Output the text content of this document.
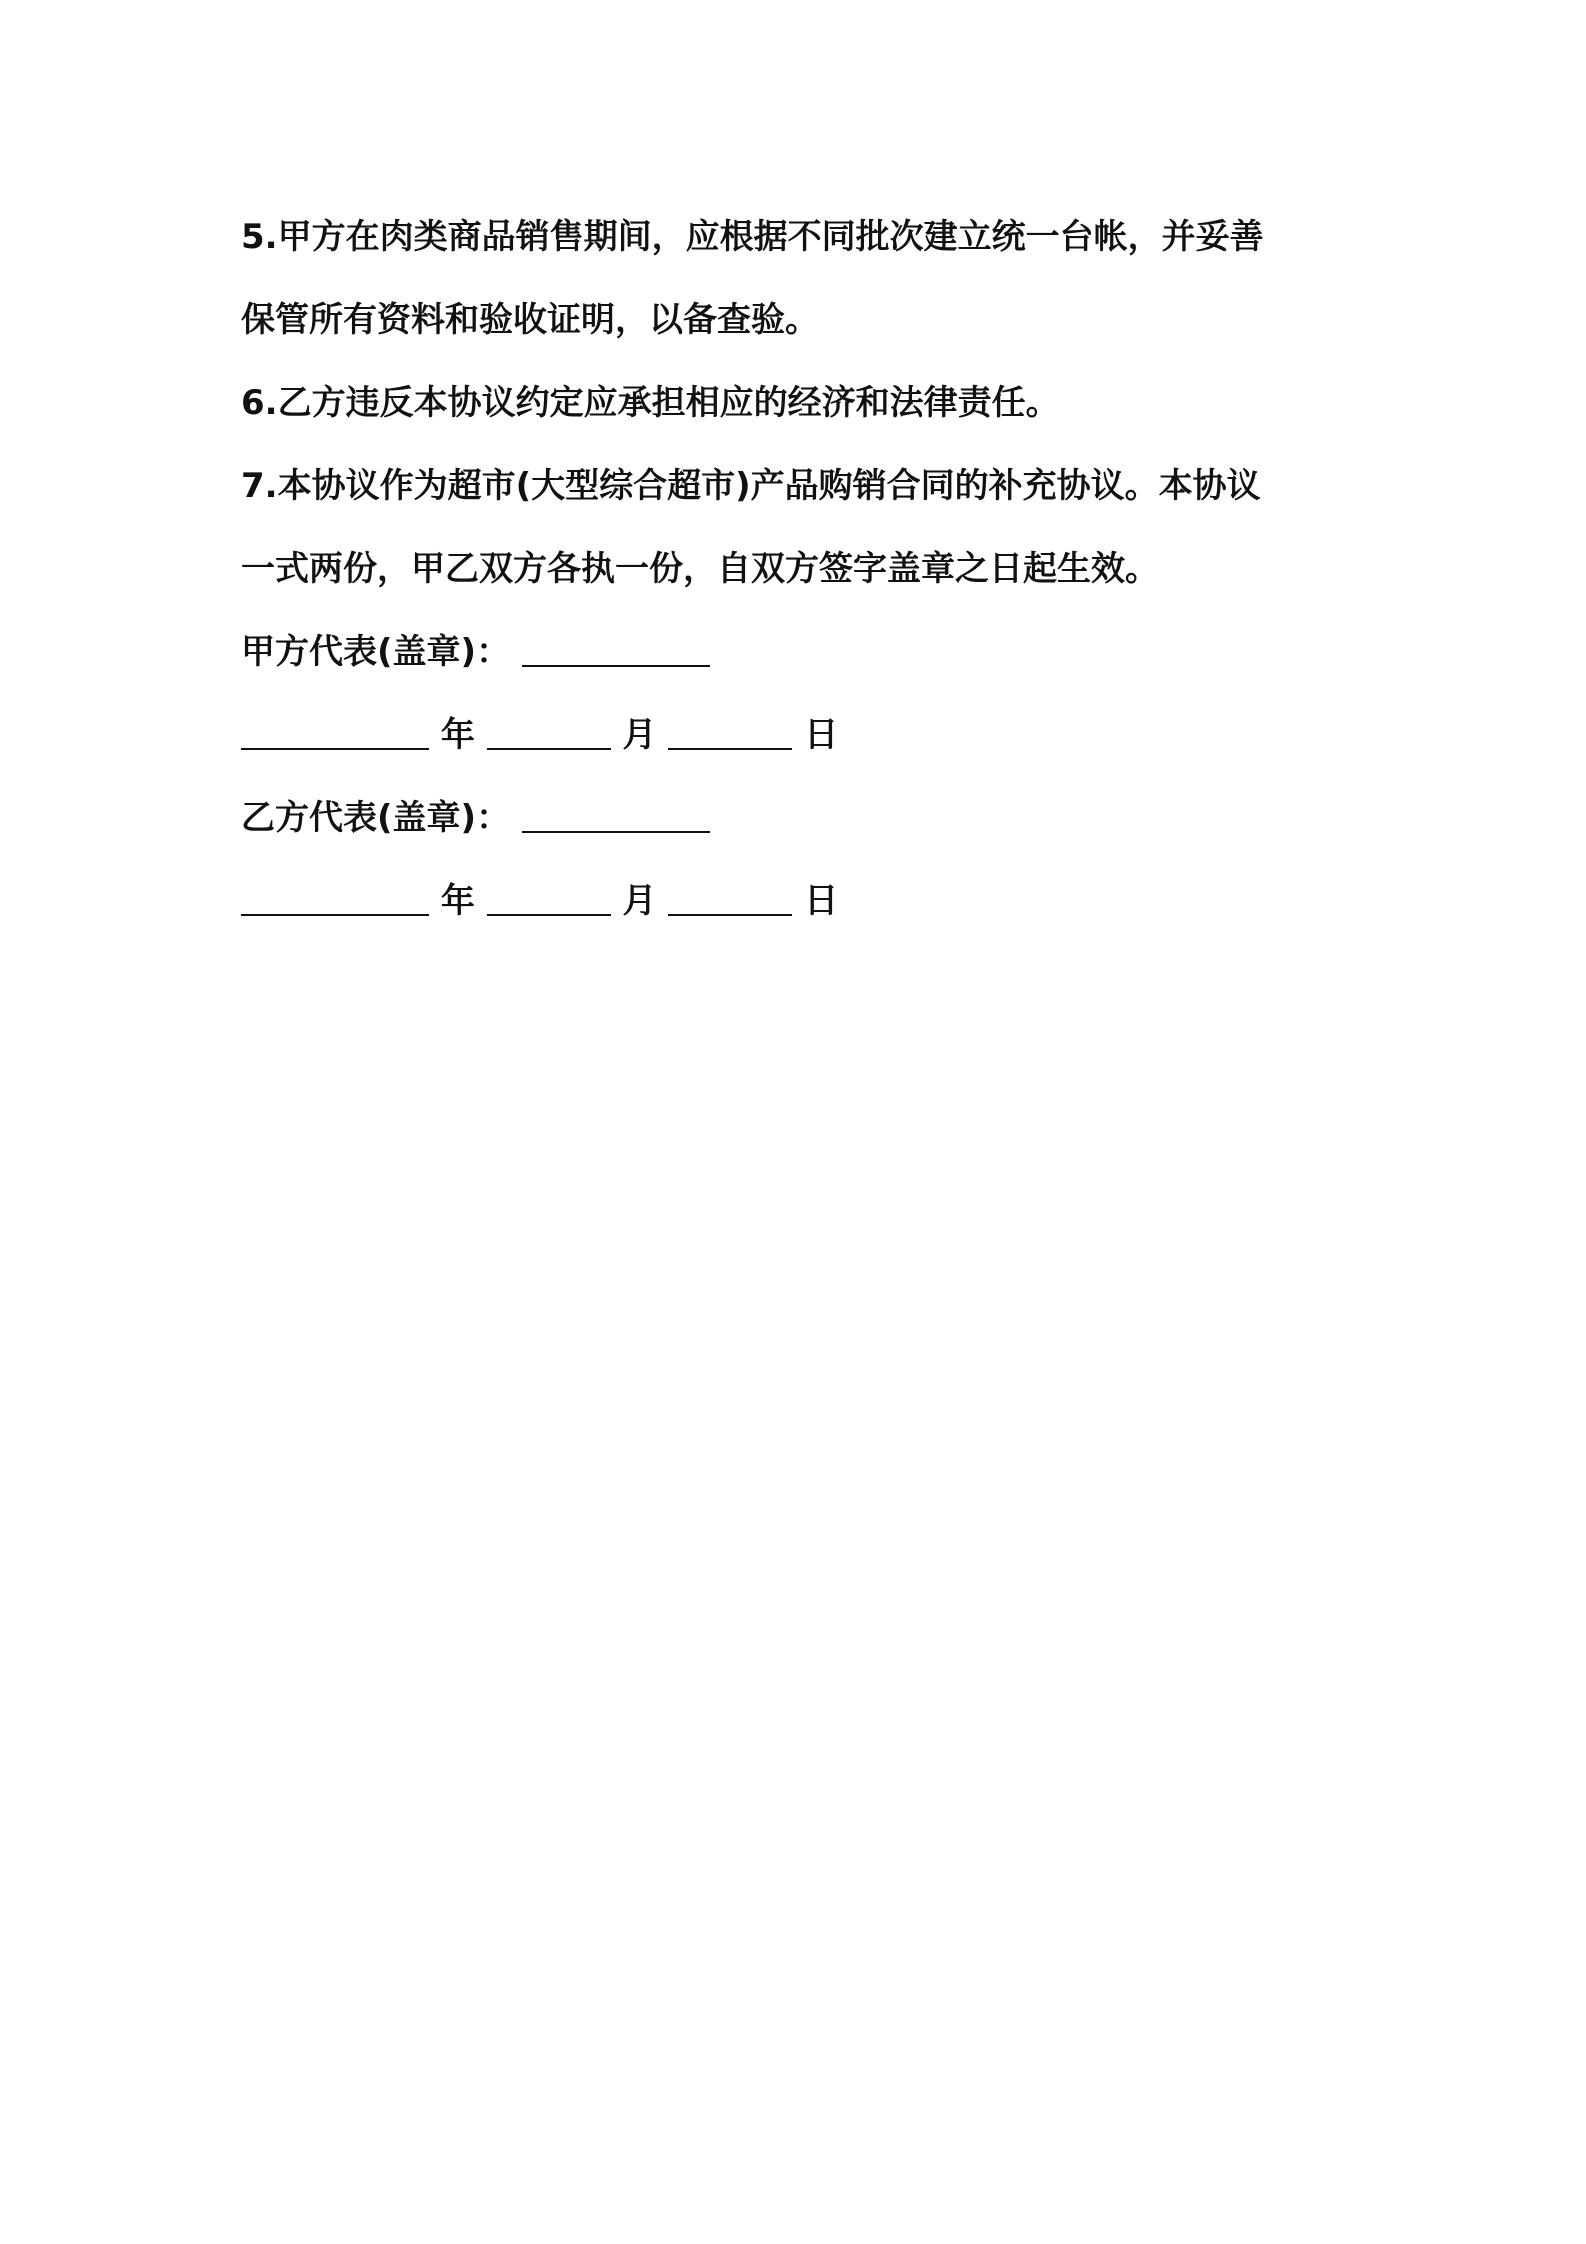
5.甲方在肉类商品销售期间，应根据不同批次建立统一台帐，并妥善
保管所有资料和验收证明，以备查验。
6.乙方违反本协议约定应承担相应的经济和法律责任。
7.本协议作为超市(大型综合超市)产品购销合同的补充协议。本协议
一式两份，甲乙双方各执一份，自双方签字盖章之日起生效。
甲方代表(盖章)：
年	月	日
乙方代表(盖章)：
年	月	日
